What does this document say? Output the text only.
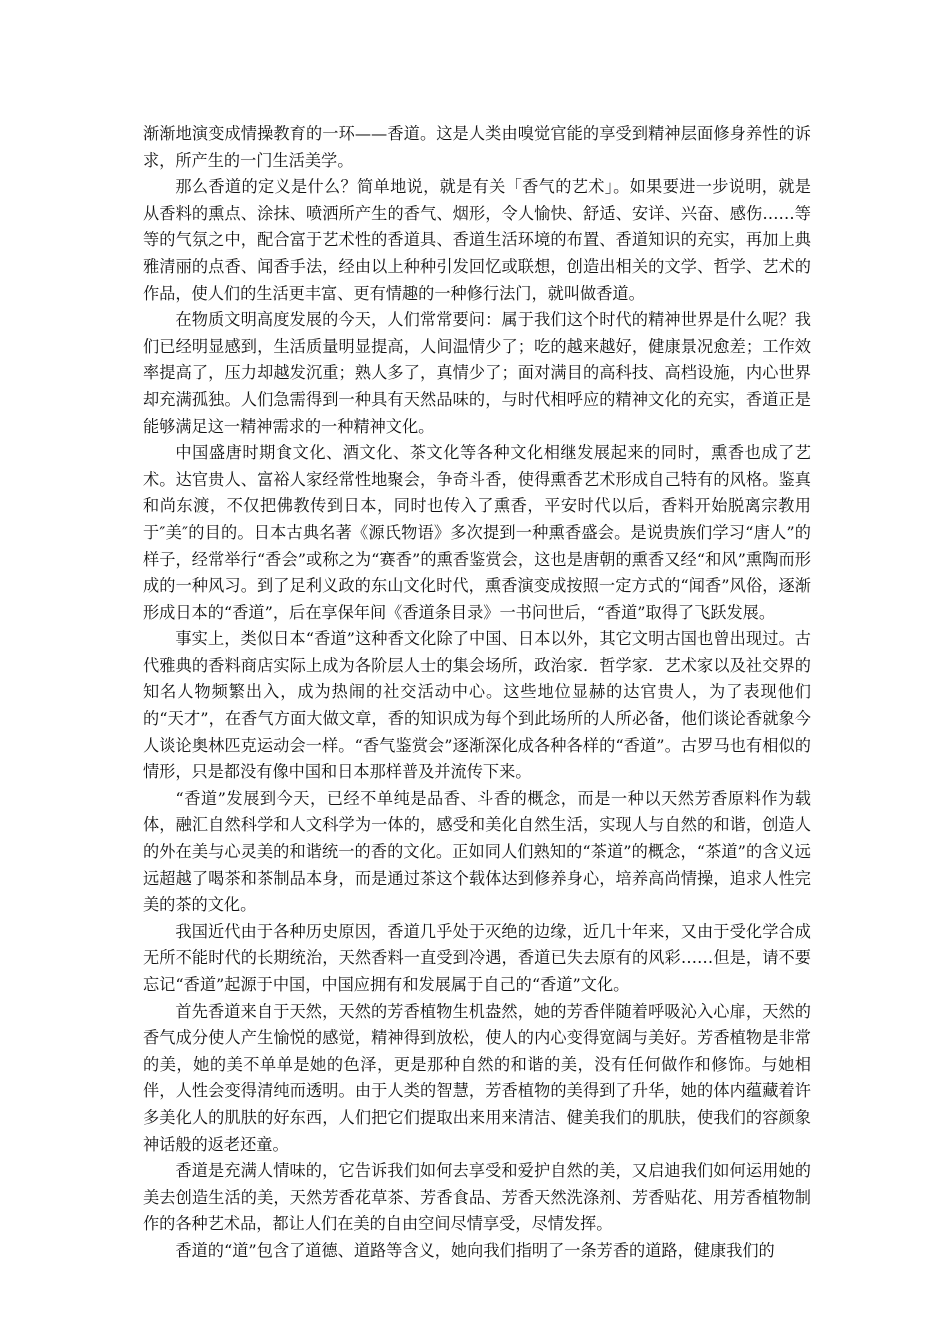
渐渐地演变成情操教育的一环——香道。这是人类由嗅觉官能的享受到精神层面修身养性的诉求，所产生的一门生活美学。

那么香道的定义是什么？简单地说，就是有关「香气的艺术」。如果要进一步说明，就是从香料的熏点、涂抹、喷洒所产生的香气、烟形，令人愉快、舒适、安详、兴奋、感伤……等等的气氛之中，配合富于艺术性的香道具、香道生活环境的布置、香道知识的充实，再加上典雅清丽的点香、闻香手法，经由以上种种引发回忆或联想，创造出相关的文学、哲学、艺术的作品，使人们的生活更丰富、更有情趣的一种修行法门，就叫做香道。

在物质文明高度发展的今天，人们常常要问：属于我们这个时代的精神世界是什么呢？我们已经明显感到，生活质量明显提高，人间温情少了；吃的越来越好，健康景况愈差；工作效率提高了，压力却越发沉重；熟人多了，真情少了；面对满目的高科技、高档设施，内心世界却充满孤独。人们急需得到一种具有天然品味的，与时代相呼应的精神文化的充实，香道正是能够满足这一精神需求的一种精神文化。

中国盛唐时期食文化、酒文化、茶文化等各种文化相继发展起来的同时，熏香也成了艺术。达官贵人、富裕人家经常性地聚会，争奇斗香，使得熏香艺术形成自己特有的风格。鉴真和尚东渡，不仅把佛教传到日本，同时也传入了熏香，平安时代以后，香料开始脱离宗教用于″美″的目的。日本古典名著《源氏物语》多次提到一种熏香盛会。是说贵族们学习“唐人”的样子，经常举行“香会”或称之为“赛香”的熏香鉴赏会，这也是唐朝的熏香又经“和风”熏陶而形成的一种风习。到了足利义政的东山文化时代，熏香演变成按照一定方式的“闻香”风俗，逐渐形成日本的“香道”，后在享保年间《香道条目录》一书问世后，“香道”取得了飞跃发展。

事实上，类似日本“香道”这种香文化除了中国、日本以外，其它文明古国也曾出现过。古代雅典的香料商店实际上成为各阶层人士的集会场所，政治家．哲学家．艺术家以及社交界的知名人物频繁出入，成为热闹的社交活动中心。这些地位显赫的达官贵人，为了表现他们的“天才”，在香气方面大做文章，香的知识成为每个到此场所的人所必备，他们谈论香就象今人谈论奥林匹克运动会一样。“香气鉴赏会”逐渐深化成各种各样的“香道”。古罗马也有相似的情形，只是都没有像中国和日本那样普及并流传下来。

“香道”发展到今天，已经不单纯是品香、斗香的概念，而是一种以天然芳香原料作为载体，融汇自然科学和人文科学为一体的，感受和美化自然生活，实现人与自然的和谐，创造人的外在美与心灵美的和谐统一的香的文化。正如同人们熟知的“茶道”的概念，“茶道”的含义远远超越了喝茶和茶制品本身，而是通过茶这个载体达到修养身心，培养高尚情操，追求人性完美的茶的文化。

我国近代由于各种历史原因，香道几乎处于灭绝的边缘，近几十年来，又由于受化学合成无所不能时代的长期统治，天然香料一直受到冷遇，香道已失去原有的风彩……但是，请不要忘记“香道”起源于中国，中国应拥有和发展属于自己的“香道”文化。

首先香道来自于天然，天然的芳香植物生机盎然，她的芳香伴随着呼吸沁入心扉，天然的香气成分使人产生愉悦的感觉，精神得到放松，使人的内心变得宽阔与美好。芳香植物是非常的美，她的美不单单是她的色泽，更是那种自然的和谐的美，没有任何做作和修饰。与她相伴，人性会变得清纯而透明。由于人类的智慧，芳香植物的美得到了升华，她的体内蕴藏着许多美化人的肌肤的好东西，人们把它们提取出来用来清洁、健美我们的肌肤，使我们的容颜象神话般的返老还童。

香道是充满人情味的，它告诉我们如何去享受和爱护自然的美，又启迪我们如何运用她的美去创造生活的美，天然芳香花草茶、芳香食品、芳香天然洗涤剂、芳香贴花、用芳香植物制作的各种艺术品，都让人们在美的自由空间尽情享受，尽情发挥。

香道的“道”包含了道德、道路等含义，她向我们指明了一条芳香的道路，健康我们的
